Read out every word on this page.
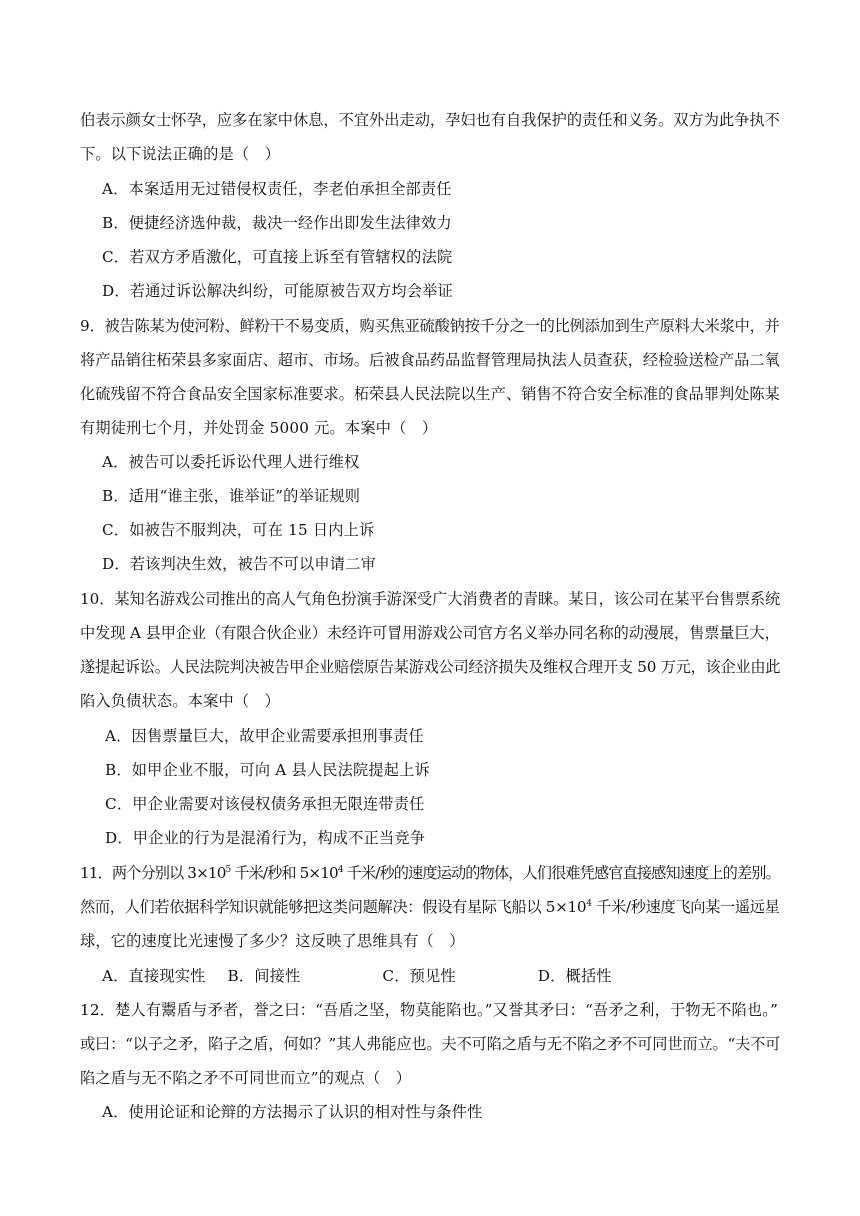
伯表示颜女士怀孕，应多在家中休息，不宜外出走动，孕妇也有自我保护的责任和义务。双方为此争执不
下。以下说法正确的是（　）
A．本案适用无过错侵权责任，李老伯承担全部责任
B．便捷经济选仲裁，裁决一经作出即发生法律效力
C．若双方矛盾激化，可直接上诉至有管辖权的法院
D．若通过诉讼解决纠纷，可能原被告双方均会举证
9．被告陈某为使河粉、鲜粉干不易变质，购买焦亚硫酸钠按千分之一的比例添加到生产原料大米浆中，并
将产品销往柘荣县多家面店、超市、市场。后被食品药品监督管理局执法人员查获，经检验送检产品二氧
化硫残留不符合食品安全国家标准要求。柘荣县人民法院以生产、销售不符合安全标准的食品罪判处陈某
有期徒刑七个月，并处罚金 5000 元。本案中（　）
A．被告可以委托诉讼代理人进行维权
B．适用“谁主张，谁举证”的举证规则
C．如被告不服判决，可在 15 日内上诉
D．若该判决生效，被告不可以申请二审
10．某知名游戏公司推出的高人气角色扮演手游深受广大消费者的青睐。某日，该公司在某平台售票系统
中发现 A 县甲企业（有限合伙企业）未经许可冒用游戏公司官方名义举办同名称的动漫展，售票量巨大，
遂提起诉讼。人民法院判决被告甲企业赔偿原告某游戏公司经济损失及维权合理开支 50 万元，该企业由此
陷入负债状态。本案中（　）
A．因售票量巨大，故甲企业需要承担刑事责任
B．如甲企业不服，可向 A 县人民法院提起上诉
C．甲企业需要对该侵权债务承担无限连带责任
D．甲企业的行为是混淆行为，构成不正当竞争
11．两个分别以 $3\times 10^5$ 千米/秒和 $5\times 10^4$ 千米/秒的速度运动的物体，人们很难凭感官直接感知速度上的差别。
然而，人们若依据科学知识就能够把这类问题解决：假设有星际飞船以 $5\times 10^4$ 千米/秒速度飞向某一遥远星
球，它的速度比光速慢了多少？这反映了思维具有（　）
A．直接现实性 B．间接性	C．预见性	D．概括性
12．楚人有鬻盾与矛者，誉之曰：“吾盾之坚，物莫能陷也。”又誉其矛曰：“吾矛之利，于物无不陷也。”
或曰：“以子之矛，陷子之盾，何如？”其人弗能应也。夫不可陷之盾与无不陷之矛不可同世而立。“夫不可
陷之盾与无不陷之矛不可同世而立”的观点（　）
A．使用论证和论辩的方法揭示了认识的相对性与条件性
